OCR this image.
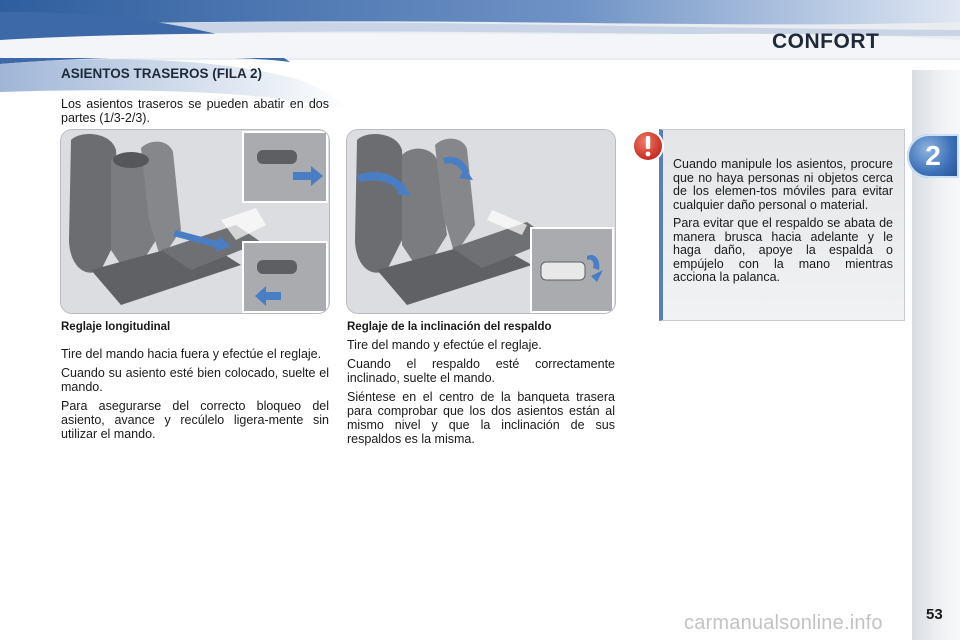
CONFORT
2
ASIENTOS TRASEROS (FILA 2)

Los asientos traseros se pueden abatir en dos partes (1/3-2/3).

Reglaje longitudinal

Tire del mando hacia fuera y efectúe el reglaje.

Cuando su asiento esté bien colocado, suelte el mando.

Para asegurarse del correcto bloqueo del asiento, avance y recúlelo ligera-mente sin utilizar el mando.

Reglaje de la inclinación del respaldo

Tire del mando y efectúe el reglaje.

Cuando el respaldo esté correctamente inclinado, suelte el mando.

Siéntese en el centro de la banqueta trasera para comprobar que los dos asientos están al mismo nivel y que la inclinación de sus respaldos es la misma.

Cuando manipule los asientos, procure que no haya personas ni objetos cerca de los elemen-tos móviles para evitar cualquier daño personal o material.

Para evitar que el respaldo se abata de manera brusca hacia adelante y le haga daño, apoye la espalda o empújelo con la mano mientras acciona la palanca.

53
carmanualsonline.info
